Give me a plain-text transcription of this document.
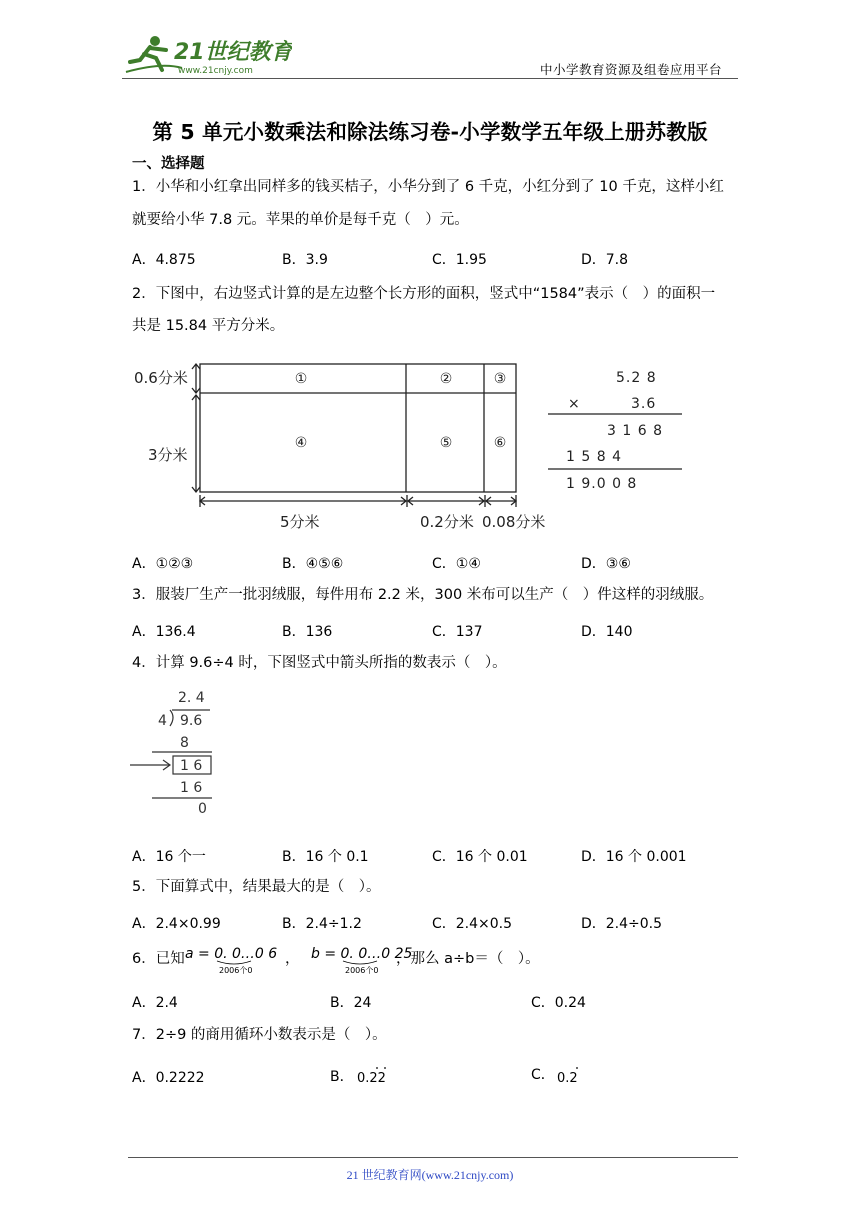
21世纪教育
www.21cnjy.com	中小学教育资源及组卷应用平台
第 5 单元小数乘法和除法练习卷-小学数学五年级上册苏教版
一、选择题
1．小华和小红拿出同样多的钱买桔子，小华分到了 6 千克，小红分到了 10 千克，这样小红
就要给小华 7.8 元。苹果的单价是每千克（　）元。
A．4.875	B．3.9	C．1.95	D．7.8
2．下图中，右边竖式计算的是左边整个长方形的面积，竖式中“1584”表示（　）的面积一
共是 15.84 平方分米。
①	②	③
④	⑤	⑥
0.6分米
3分米
5分米	0.2分米 0.08分米
5.2 8
×	3.6
3 1 6 8
1 5 8 4
1 9.0 0 8
A．①②③	B．④⑤⑥	C．①④	D．③⑥
3．服装厂生产一批羽绒服，每件用布 2.2 米，300 米布可以生产（　）件这样的羽绒服。
A．136.4	B．136	C．137	D．140
4．计算 9.6÷4 时，下图竖式中箭头所指的数表示（　）。
2. 4
4 9.6
8
1 6
1 6
0
A．16 个一	B．16 个 0.1	C．16 个 0.01	D．16 个 0.001
5．下面算式中，结果最大的是（　）。
A．2.4×0.99	B．2.4÷1.2	C．2.4×0.5	D．2.4÷0.5
6．已知 a = 0. 0…0 6
2006个0
， b = 0. 0…0 25
2006个0
，那么 a÷b＝（　）。
A．2.4	B．24	C．0.24
7．2÷9 的商用循环小数表示是（　）。
A．0.2222	B． 0.22	C． 0.2
21 世纪教育网(www.21cnjy.com)
